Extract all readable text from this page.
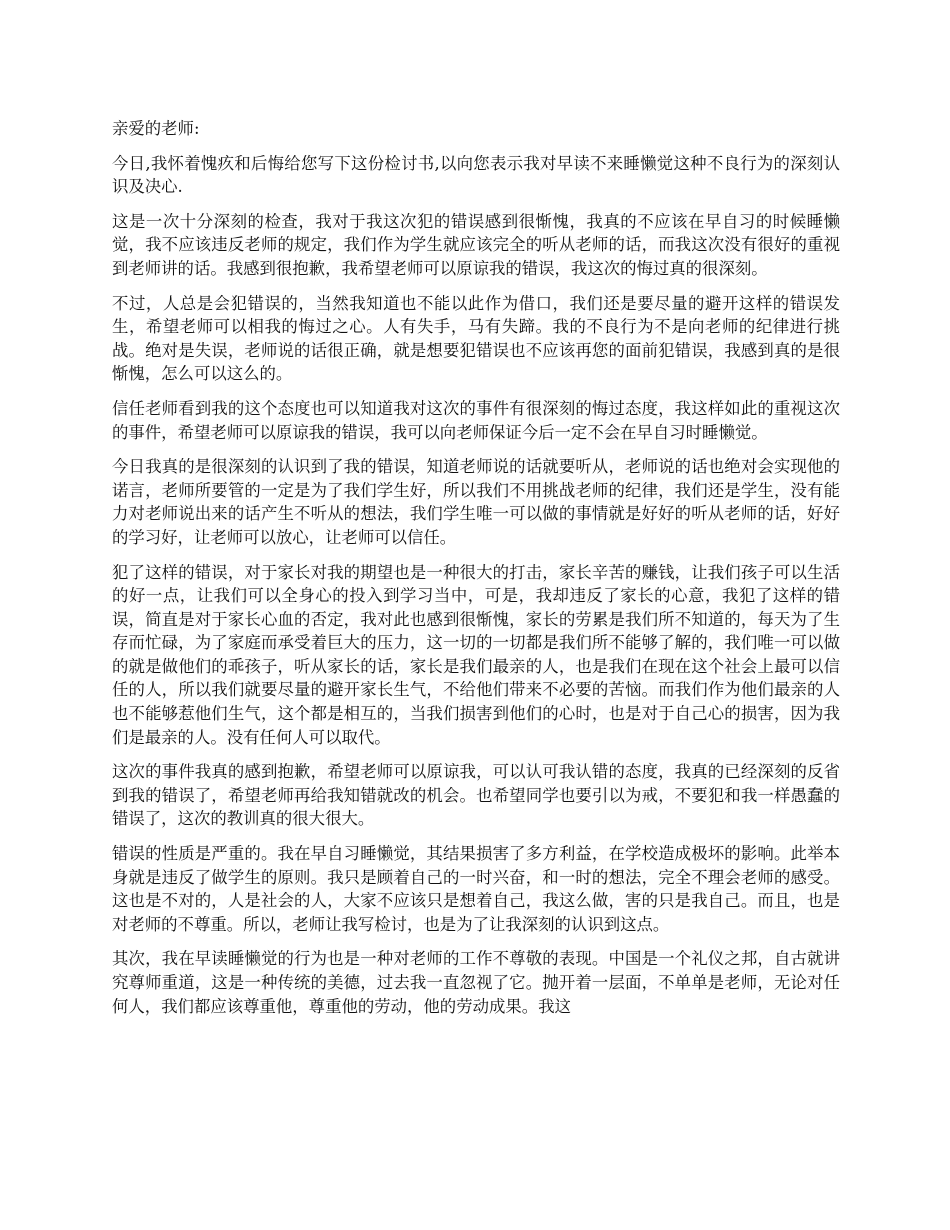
亲爱的老师:

今日,我怀着愧疚和后悔给您写下这份检讨书,以向您表示我对早读不来睡懒觉这种不良行为的深刻认识及决心.

这是一次十分深刻的检查，我对于我这次犯的错误感到很惭愧，我真的不应该在早自习的时候睡懒觉，我不应该违反老师的规定，我们作为学生就应该完全的听从老师的话，而我这次没有很好的重视到老师讲的话。我感到很抱歉，我希望老师可以原谅我的错误，我这次的悔过真的很深刻。

不过，人总是会犯错误的，当然我知道也不能以此作为借口，我们还是要尽量的避开这样的错误发生，希望老师可以相我的悔过之心。人有失手，马有失蹄。我的不良行为不是向老师的纪律进行挑战。绝对是失误，老师说的话很正确，就是想要犯错误也不应该再您的面前犯错误，我感到真的是很惭愧，怎么可以这么的。

信任老师看到我的这个态度也可以知道我对这次的事件有很深刻的悔过态度，我这样如此的重视这次的事件，希望老师可以原谅我的错误，我可以向老师保证今后一定不会在早自习时睡懒觉。

今日我真的是很深刻的认识到了我的错误，知道老师说的话就要听从，老师说的话也绝对会实现他的诺言，老师所要管的一定是为了我们学生好，所以我们不用挑战老师的纪律，我们还是学生，没有能力对老师说出来的话产生不听从的想法，我们学生唯一可以做的事情就是好好的听从老师的话，好好的学习好，让老师可以放心，让老师可以信任。

犯了这样的错误，对于家长对我的期望也是一种很大的打击，家长辛苦的赚钱，让我们孩子可以生活的好一点，让我们可以全身心的投入到学习当中，可是，我却违反了家长的心意，我犯了这样的错误，简直是对于家长心血的否定，我对此也感到很惭愧，家长的劳累是我们所不知道的，每天为了生存而忙碌，为了家庭而承受着巨大的压力，这一切的一切都是我们所不能够了解的，我们唯一可以做的就是做他们的乖孩子，听从家长的话，家长是我们最亲的人，也是我们在现在这个社会上最可以信任的人，所以我们就要尽量的避开家长生气，不给他们带来不必要的苦恼。而我们作为他们最亲的人也不能够惹他们生气，这个都是相互的，当我们损害到他们的心时，也是对于自己心的损害，因为我们是最亲的人。没有任何人可以取代。

这次的事件我真的感到抱歉，希望老师可以原谅我，可以认可我认错的态度，我真的已经深刻的反省到我的错误了，希望老师再给我知错就改的机会。也希望同学也要引以为戒，不要犯和我一样愚蠢的错误了，这次的教训真的很大很大。

错误的性质是严重的。我在早自习睡懒觉，其结果损害了多方利益，在学校造成极坏的影响。此举本身就是违反了做学生的原则。我只是顾着自己的一时兴奋，和一时的想法，完全不理会老师的感受。这也是不对的，人是社会的人，大家不应该只是想着自己，我这么做，害的只是我自己。而且，也是对老师的不尊重。所以，老师让我写检讨，也是为了让我深刻的认识到这点。

其次，我在早读睡懒觉的行为也是一种对老师的工作不尊敬的表现。中国是一个礼仪之邦，自古就讲究尊师重道，这是一种传统的美德，过去我一直忽视了它。抛开着一层面，不单单是老师，无论对任何人，我们都应该尊重他，尊重他的劳动，他的劳动成果。我这
